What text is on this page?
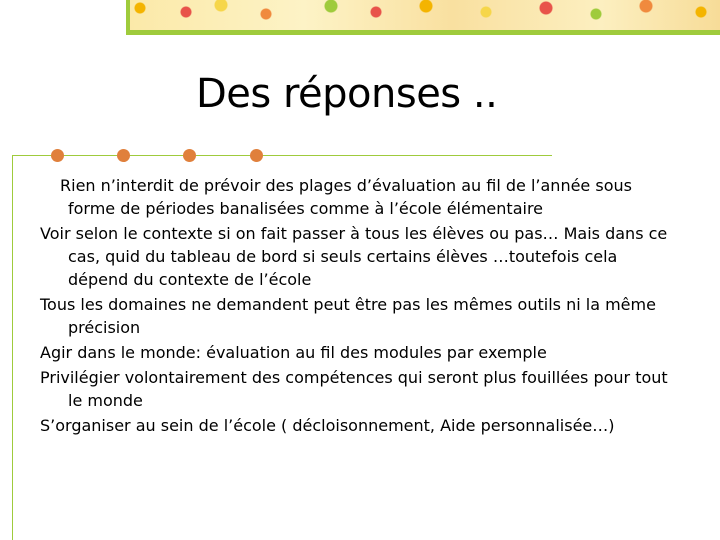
Des réponses ..
Rien n’interdit de prévoir des plages d’évaluation au fil de l’année sous forme de périodes banalisées comme à l’école élémentaire
Voir selon le contexte si on fait passer à tous les élèves ou pas… Mais dans ce cas, quid du tableau de bord si seuls certains élèves …toutefois cela dépend du contexte de l’école
Tous les domaines ne demandent peut être pas les mêmes outils ni la même précision
Agir dans le monde: évaluation au fil des modules par exemple
Privilégier volontairement des compétences qui seront plus fouillées pour tout le monde
S’organiser au sein de l’école ( décloisonnement, Aide personnalisée…)
